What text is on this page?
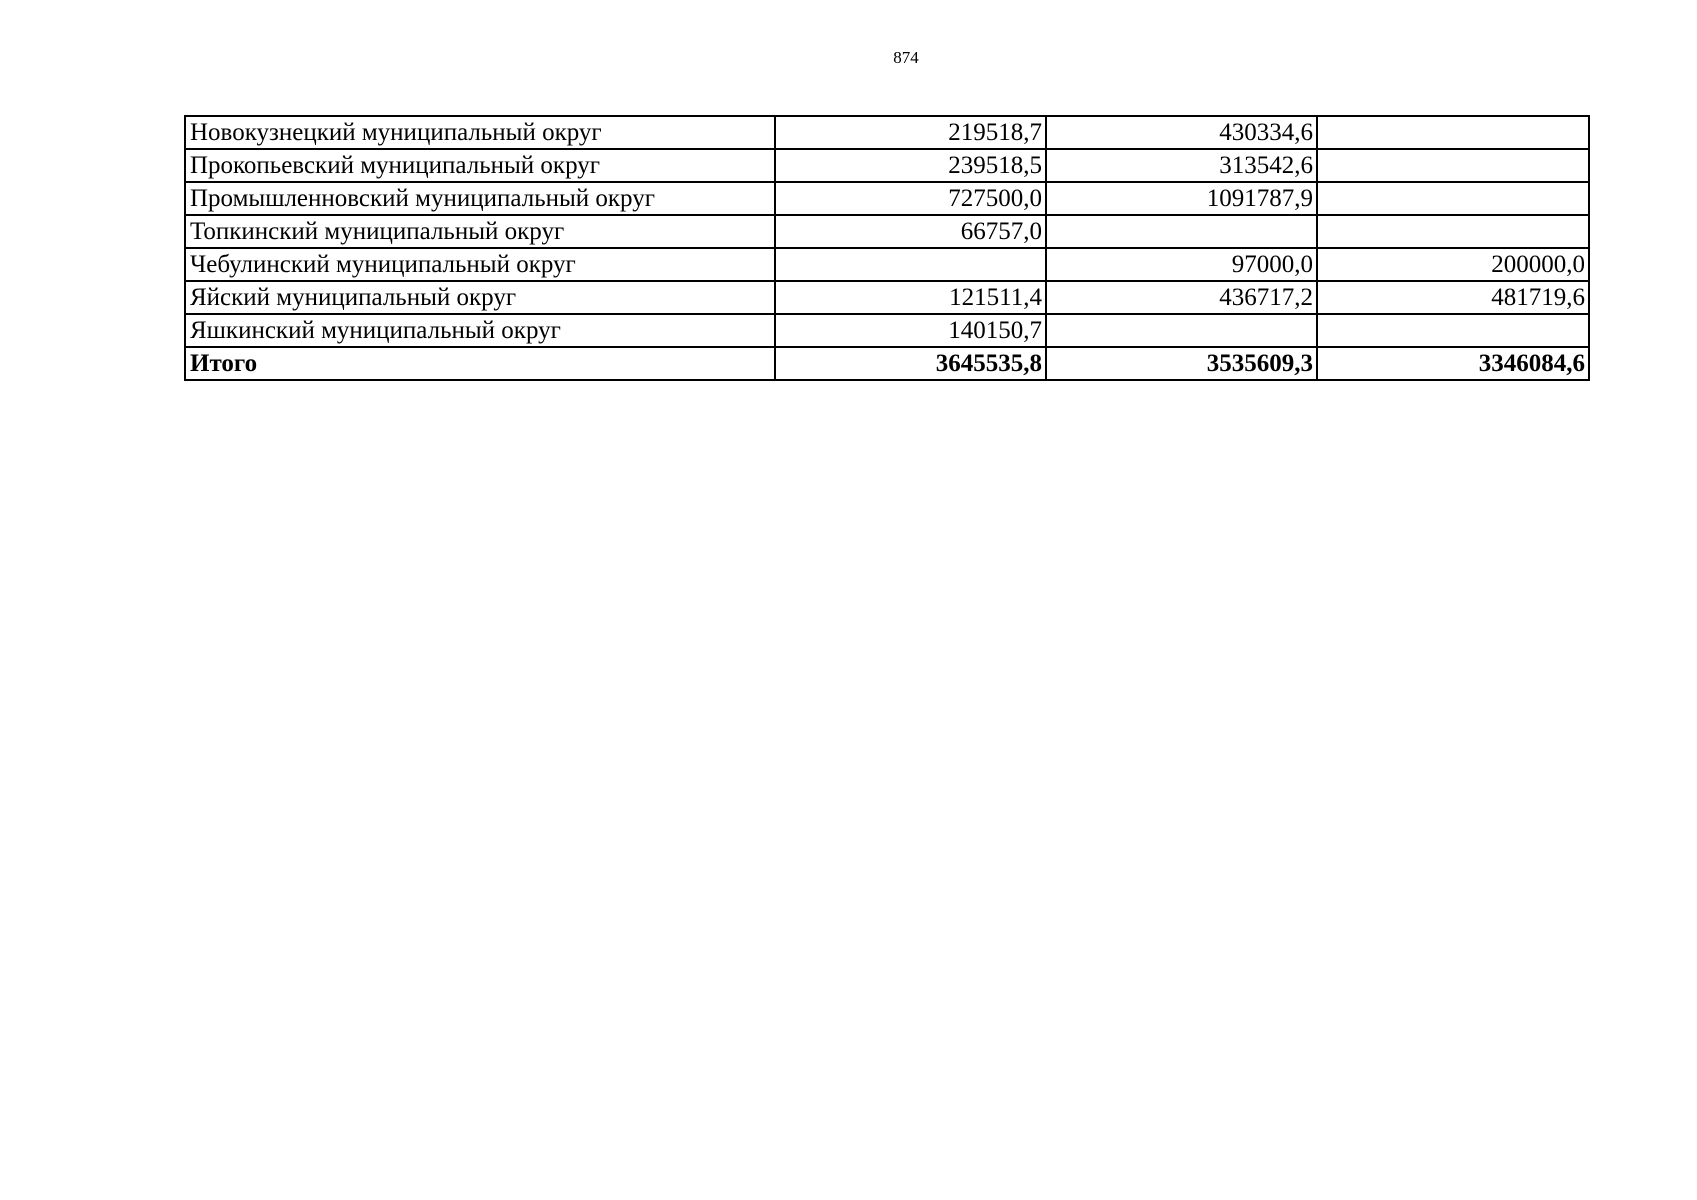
874
Новокузнецкий муниципальный округ	219518,7	430334,6	
Прокопьевский муниципальный округ	239518,5	313542,6	
Промышленновский муниципальный округ	727500,0	1091787,9	
Топкинский муниципальный округ	66757,0		
Чебулинский муниципальный округ		97000,0	200000,0
Яйский муниципальный округ	121511,4	436717,2	481719,6
Яшкинский муниципальный округ	140150,7		
Итого	3645535,8	3535609,3	3346084,6
